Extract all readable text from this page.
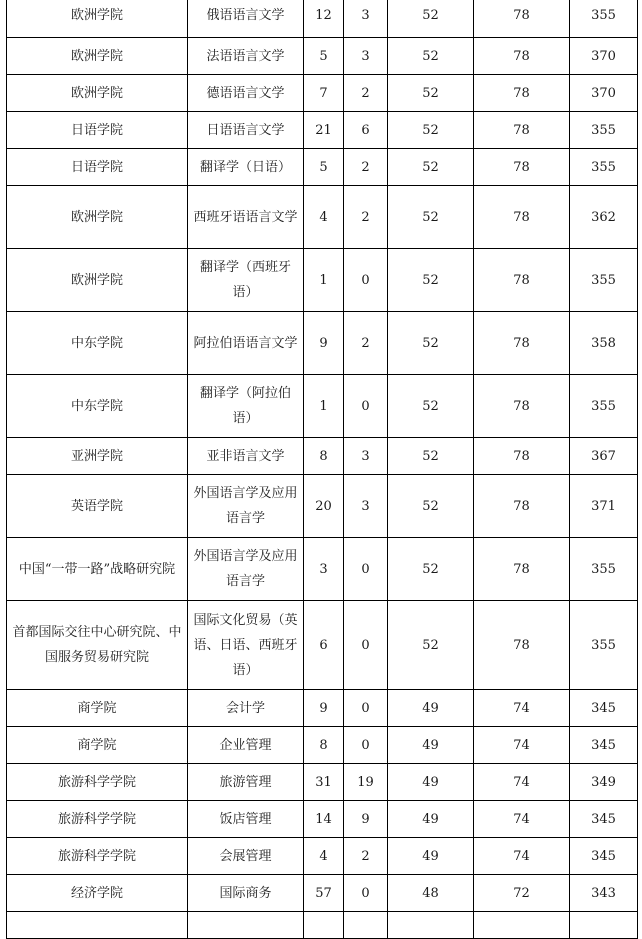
欧洲学院	俄语语言文学	12	3	52	78	355
欧洲学院	法语语言文学	5	3	52	78	370
欧洲学院	德语语言文学	7	2	52	78	370
日语学院	日语语言文学	21	6	52	78	355
日语学院	翻译学（日语）	5	2	52	78	355
欧洲学院	西班牙语语言文学	4	2	52	78	362
欧洲学院	翻译学（西班牙语）	1	0	52	78	355
中东学院	阿拉伯语语言文学	9	2	52	78	358
中东学院	翻译学（阿拉伯语）	1	0	52	78	355
亚洲学院	亚非语言文学	8	3	52	78	367
英语学院	外国语言学及应用语言学	20	3	52	78	371
中国“一带一路”战略研究院	外国语言学及应用语言学	3	0	52	78	355
首都国际交往中心研究院、中国服务贸易研究院	国际文化贸易（英语、日语、西班牙语）	6	0	52	78	355
商学院	会计学	9	0	49	74	345
商学院	企业管理	8	0	49	74	345
旅游科学学院	旅游管理	31	19	49	74	349
旅游科学学院	饭店管理	14	9	49	74	345
旅游科学学院	会展管理	4	2	49	74	345
经济学院	国际商务	57	0	48	72	343
